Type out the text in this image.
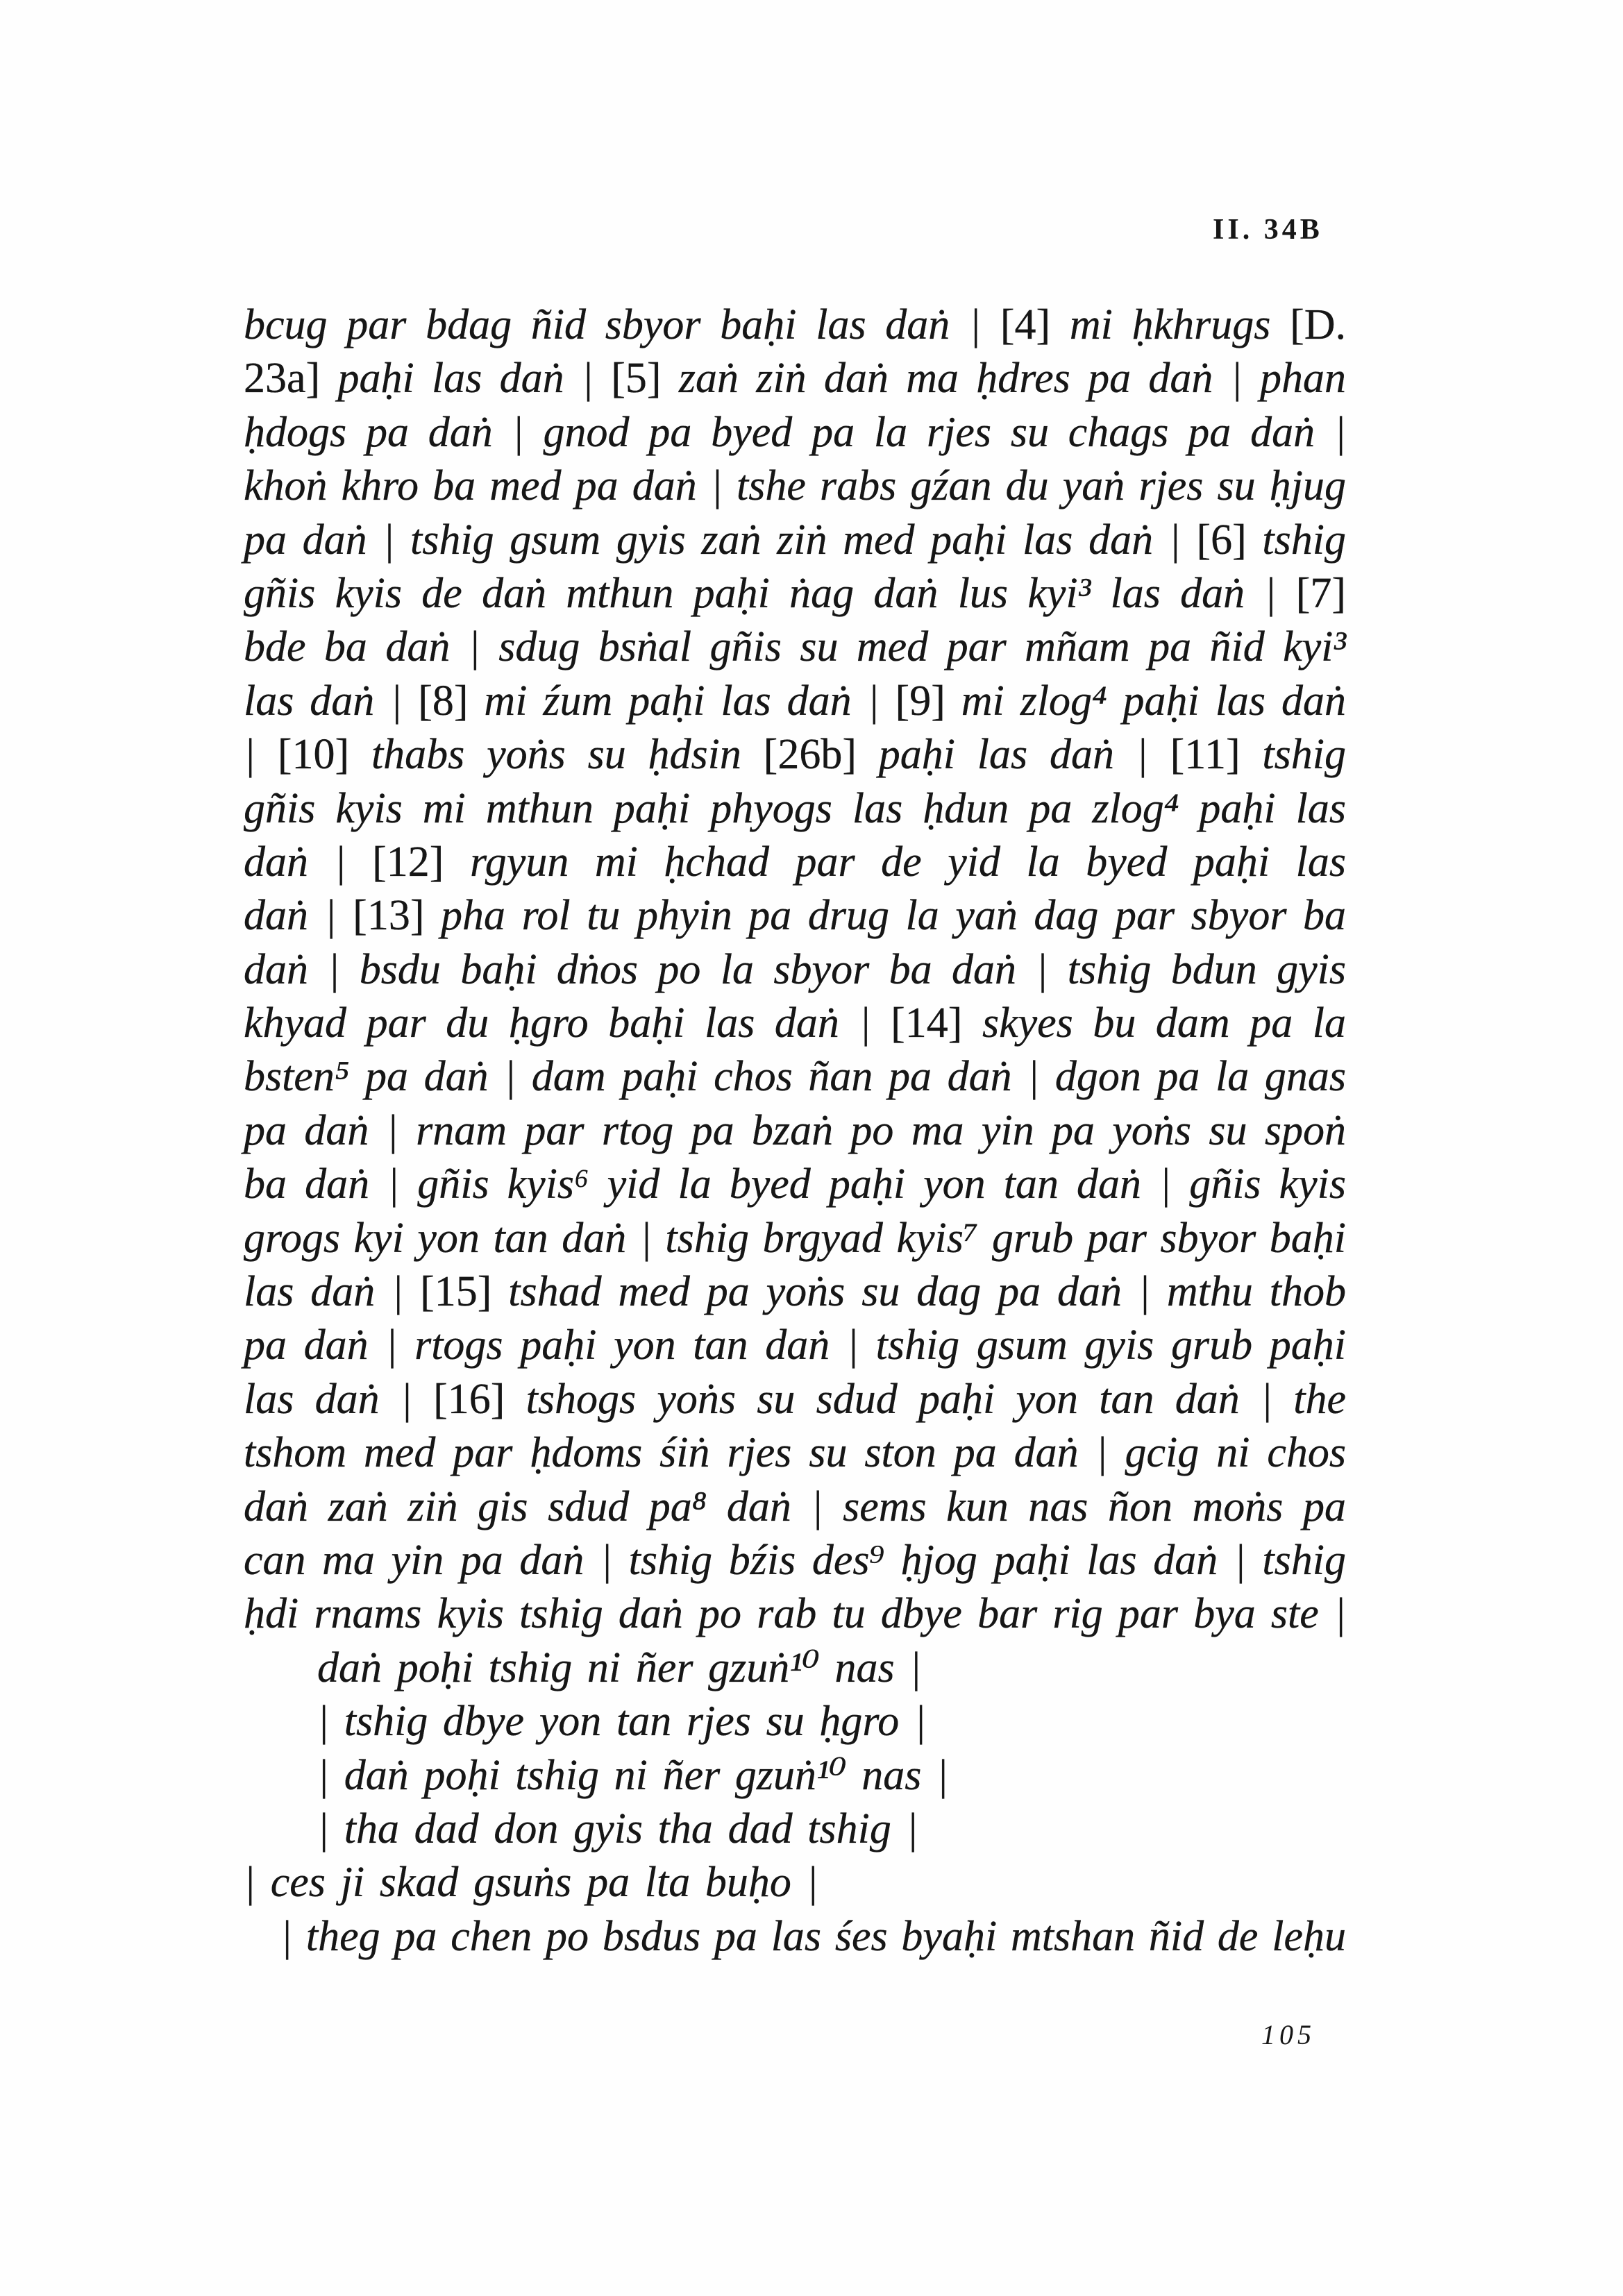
II. 34B
bcug par bdag ñid sbyor baḥi las daṅ | [4] mi ḥkhrugs [D.
23a] paḥi las daṅ | [5] zaṅ ziṅ daṅ ma ḥdres pa daṅ | phan
ḥdogs pa daṅ | gnod pa byed pa la rjes su chags pa daṅ |
khoṅ khro ba med pa daṅ | tshe rabs gźan du yaṅ rjes su ḥjug
pa daṅ | tshig gsum gyis zaṅ ziṅ med paḥi las daṅ | [6] tshig
gñis kyis de daṅ mthun paḥi ṅag daṅ lus kyi³ las daṅ | [7]
bde ba daṅ | sdug bsṅal gñis su med par mñam pa ñid kyi³
las daṅ | [8] mi źum paḥi las daṅ | [9] mi zlog⁴ paḥi las daṅ
| [10] thabs yoṅs su ḥdsin [26b] paḥi las daṅ | [11] tshig
gñis kyis mi mthun paḥi phyogs las ḥdun pa zlog⁴ paḥi las
daṅ | [12] rgyun mi ḥchad par de yid la byed paḥi las
daṅ | [13] pha rol tu phyin pa drug la yaṅ dag par sbyor ba
daṅ | bsdu baḥi dṅos po la sbyor ba daṅ | tshig bdun gyis
khyad par du ḥgro baḥi las daṅ | [14] skyes bu dam pa la
bsten⁵ pa daṅ | dam paḥi chos ñan pa daṅ | dgon pa la gnas
pa daṅ | rnam par rtog pa bzaṅ po ma yin pa yoṅs su spoṅ
ba daṅ | gñis kyis⁶ yid la byed paḥi yon tan daṅ | gñis kyis
grogs kyi yon tan daṅ | tshig brgyad kyis⁷ grub par sbyor baḥi
las daṅ | [15] tshad med pa yoṅs su dag pa daṅ | mthu thob
pa daṅ | rtogs paḥi yon tan daṅ | tshig gsum gyis grub paḥi
las daṅ | [16] tshogs yoṅs su sdud paḥi yon tan daṅ | the
tshom med par ḥdoms śiṅ rjes su ston pa daṅ | gcig ni chos
daṅ zaṅ ziṅ gis sdud pa⁸ daṅ | sems kun nas ñon moṅs pa
can ma yin pa daṅ | tshig bźis des⁹ ḥjog paḥi las daṅ | tshig
ḥdi rnams kyis tshig daṅ po rab tu dbye bar rig par bya ste |
daṅ poḥi tshig ni ñer gzuṅ¹⁰ nas |
| tshig dbye yon tan rjes su ḥgro |
| daṅ poḥi tshig ni ñer gzuṅ¹⁰ nas |
| tha dad don gyis tha dad tshig |
| ces ji skad gsuṅs pa lta buḥo |
| theg pa chen po bsdus pa las śes byaḥi mtshan ñid de leḥu
105
